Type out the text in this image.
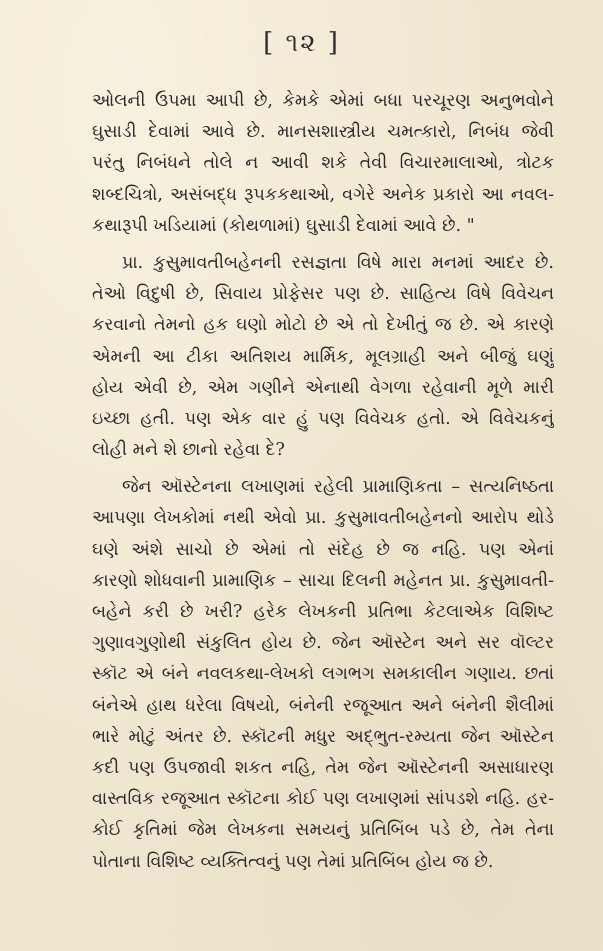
[ ૧૨ ]
ઓલની ઉપમા આપી છે, કેમકે એમાં બધા પરચૂરણ અનુભવોને
ઘુસાડી દેવામાં આવે છે. માનસશાસ્ત્રીય ચમત્કારો, નિબંધ જેવી
પરંતુ નિબંધને તોલે ન આવી શકે તેવી વિચારમાલાઓ, ત્રોટક
શબ્દચિત્રો, અસંબદ્ધ રૂપકકથાઓ, વગેરે અનેક પ્રકારો આ નવલ-
કથારૂપી ખડિયામાં (કોથળામાં) ઘુસાડી દેવામાં આવે છે. "
પ્રા. કુસુમાવતીબહેનની રસજ્ઞતા વિષે મારા મનમાં આદર છે.
તેઓ વિદુષી છે, સિવાય પ્રોફેસર પણ છે. સાહિત્ય વિષે વિવેચન
કરવાનો તેમનો હક ઘણો મોટો છે એ તો દેખીતું જ છે. એ કારણે
એમની આ ટીકા અતિશય માર્મિક, મૂલગ્રાહી અને બીજું ઘણું
હોય એવી છે, એમ ગણીને એનાથી વેગળા રહેવાની મૂળે મારી
ઇચ્છા હતી. પણ એક વાર હું પણ વિવેચક હતો. એ વિવેચકનું
લોહી મને શે છાનો રહેવા દે?
જેન ઑસ્ટેનના લખાણમાં રહેલી પ્રામાણિકતા – સત્યનિષ્ઠતા
આપણા લેખકોમાં નથી એવો પ્રા. કુસુમાવતીબહેનનો આરોપ થોડે
ઘણે અંશે સાચો છે એમાં તો સંદેહ છે જ નહિ. પણ એનાં
કારણો શોધવાની પ્રામાણિક – સાચા દિલની મહેનત પ્રા. કુસુમાવતી-
બહેને કરી છે ખરી? હરેક લેખકની પ્રતિભા કેટલાએક વિશિષ્ટ
ગુણાવગુણોથી સંકુલિત હોય છે. જેન ઑસ્ટેન અને સર વૉલ્ટર
સ્કૉટ એ બંને નવલકથા-લેખકો લગભગ સમકાલીન ગણાય. છતાં
બંનેએ હાથ ધરેલા વિષયો, બંનેની રજૂઆત અને બંનેની શૈલીમાં
ભારે મોટું અંતર છે. સ્કૉટની મધુર અદ્ભુત-રમ્યતા જેન ઑસ્ટેન
કદી પણ ઉપજાવી શકત નહિ, તેમ જેન ઑસ્ટેનની અસાધારણ
વાસ્તવિક રજૂઆત સ્કૉટના કોઈ પણ લખાણમાં સાંપડશે નહિ. હર-
કોઈ કૃતિમાં જેમ લેખકના સમયનું પ્રતિબિંબ પડે છે, તેમ તેના
પોતાના વિશિષ્ટ વ્યક્તિત્વનું પણ તેમાં પ્રતિબિંબ હોય જ છે.
